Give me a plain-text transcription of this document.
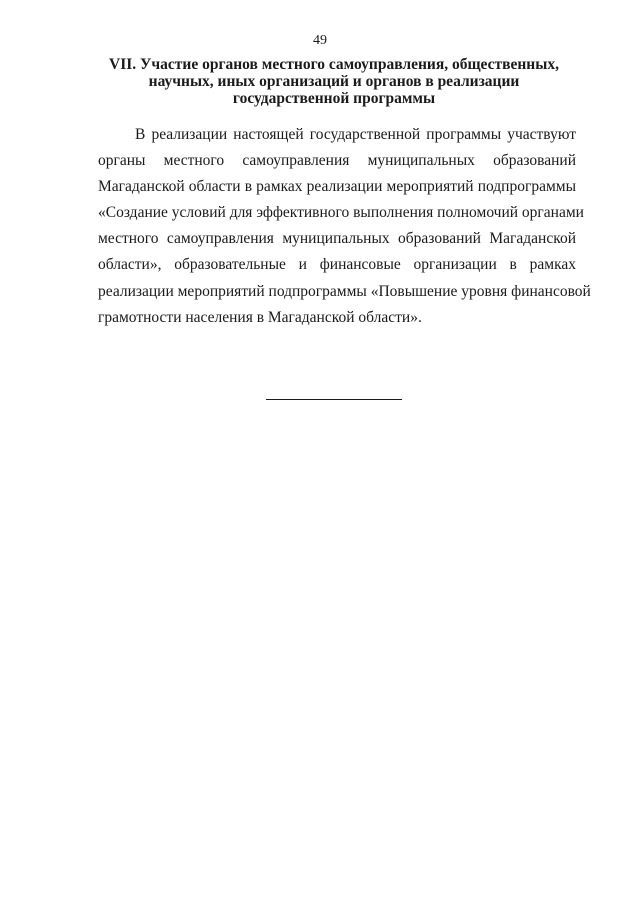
49
VII. Участие органов местного самоуправления, общественных,
научных, иных организаций и органов в реализации
государственной программы
В реализации настоящей государственной программы участвуют
органы местного самоуправления муниципальных образований
Магаданской области в рамках реализации мероприятий подпрограммы
«Создание условий для эффективного выполнения полномочий органами
местного самоуправления муниципальных образований Магаданской
области», образовательные и финансовые организации в рамках
реализации мероприятий подпрограммы «Повышение уровня финансовой
грамотности населения в Магаданской области».
